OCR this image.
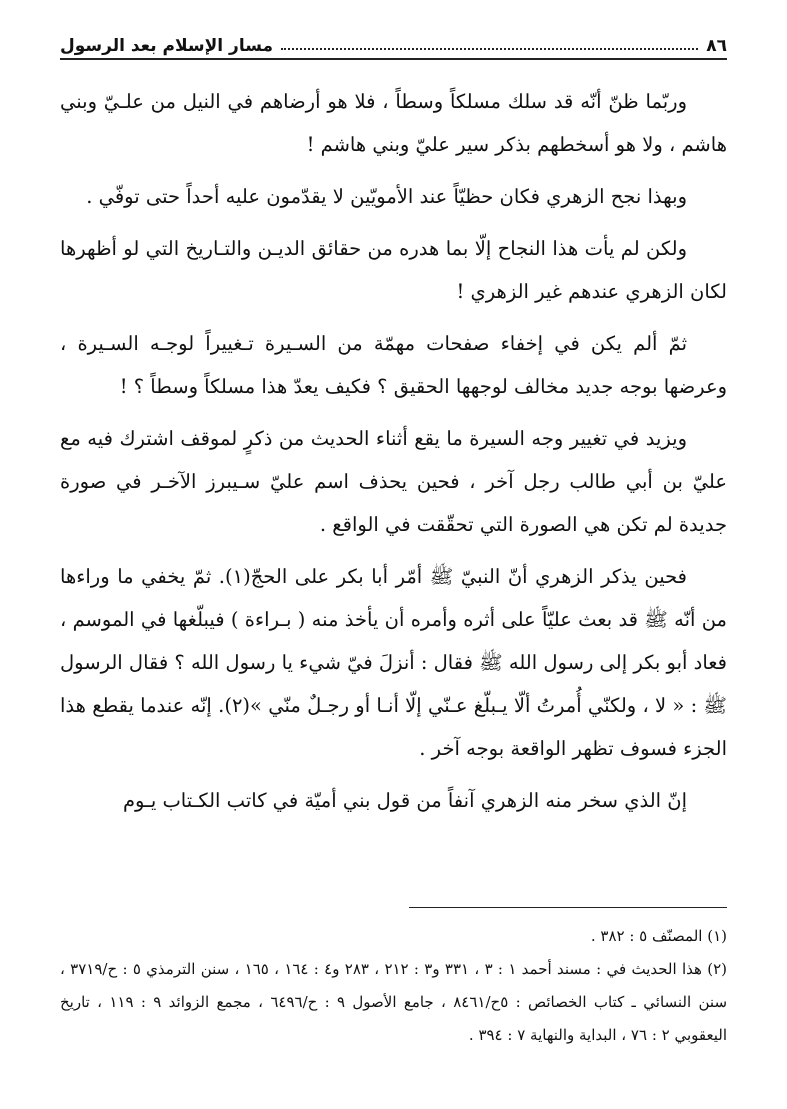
٨٦
مسار الإسلام بعد الرسول

وربّما ظنّ أنّه قد سلك مسلكاً وسطاً ، فلا هو أرضاهم في النيل من علـيّ وبني هاشم ، ولا هو أسخطهم بذكر سير عليّ وبني هاشم !

وبهذا نجح الزهري فكان حظيّاً عند الأمويّين لا يقدّمون عليه أحداً حتى توفّي .

ولكن لم يأت هذا النجاح إلّا بما هدره من حقائق الديـن والتـاريخ التي لو أظهرها لكان الزهري عندهم غير الزهري !

ثمّ ألم يكن في إخفاء صفحات مهمّة من السـيرة تـغييراً لوجـه السـيرة ، وعرضها بوجه جديد مخالف لوجهها الحقيق ؟ فكيف يعدّ هذا مسلكاً وسطاً ؟ !

ويزيد في تغيير وجه السيرة ما يقع أثناء الحديث من ذكرٍ لموقف اشترك فيه مع عليّ بن أبي طالب رجل آخر ، فحين يحذف اسم عليّ سـيبرز الآخـر في صورة جديدة لم تكن هي الصورة التي تحقّقت في الواقع .

فحين يذكر الزهري أنّ النبيّ ﷺ أمّر أبا بكر على الحجّ(١). ثمّ يخفي ما وراءها من أنّه ﷺ قد بعث عليّاً على أثره وأمره أن يأخذ منه ( بـراءة ) فيبلّغها في الموسم ، فعاد أبو بكر إلى رسول الله ﷺ فقال : أنزلَ فيّ شيء يا رسول الله ؟ فقال الرسول ﷺ : « لا ، ولكنّي أُمرتُ ألّا يـبلّغ عـنّي إلّا أنـا أو رجـلٌ منّي »(٢). إنّه عندما يقطع هذا الجزء فسوف تظهر الواقعة بوجه آخر .

إنّ الذي سخر منه الزهري آنفاً من قول بني أميّة في كاتب الكـتاب يـوم

(١) المصنّف ٥ : ٣٨٢ .

(٢) هذا الحديث في : مسند أحمد ١ : ٣ ، ٣٣١ و٣ : ٢١٢ ، ٢٨٣ و٤ : ١٦٤ ، ١٦٥ ، سنن الترمذي ٥ : ح/٣٧١٩ ، سنن النسائي ـ كتاب الخصائص : ٥ح/٨٤٦١ ، جامع الأصول ٩ : ح/٦٤٩٦ ، مجمع الزوائد ٩ : ١١٩ ، تاريخ اليعقوبي ٢ : ٧٦ ، البداية والنهاية ٧ : ٣٩٤ .
